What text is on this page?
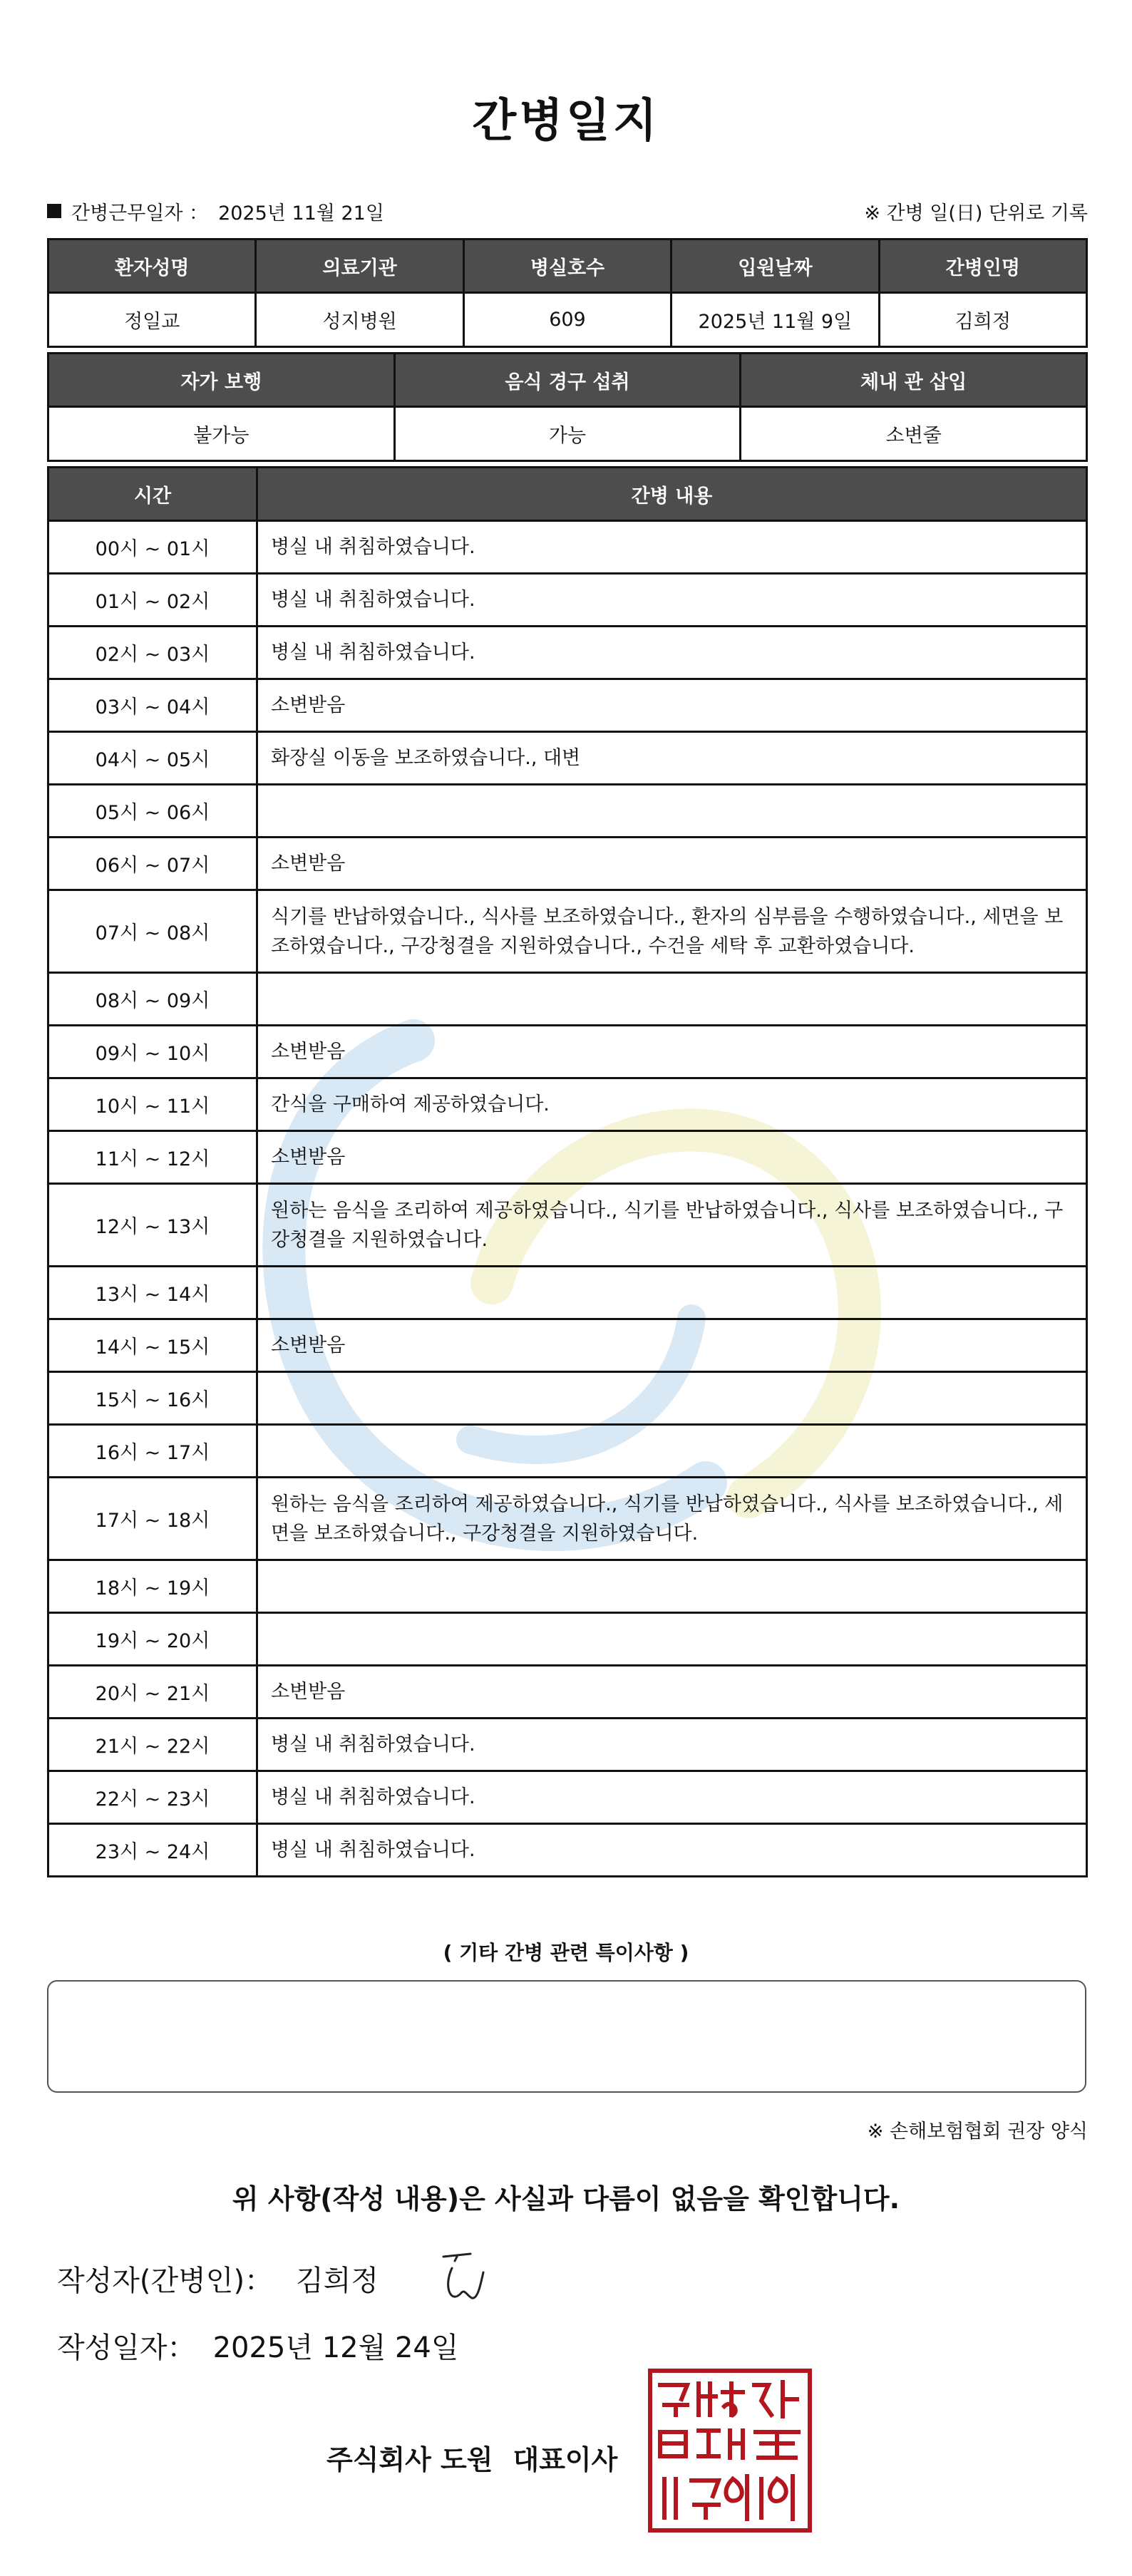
간병일지
간병근무일자 ： 2025년 11월 21일	※ 간병 일(日) 단위로 기록
환자성명	의료기관	병실호수	입원날짜	간병인명
정일교	성지병원	609	2025년 11월 9일	김희정
자가 보행	음식 경구 섭취	체내 관 삽입
불가능	가능	소변줄
시간	간병 내용
00시 ~ 01시	병실 내 취침하였습니다.
01시 ~ 02시	병실 내 취침하였습니다.
02시 ~ 03시	병실 내 취침하였습니다.
03시 ~ 04시	소변받음
04시 ~ 05시	화장실 이동을 보조하였습니다., 대변
05시 ~ 06시	
06시 ~ 07시	소변받음
07시 ~ 08시	식기를 반납하였습니다., 식사를 보조하였습니다., 환자의 심부름을 수행하였습니다., 세면을 보조하였습니다., 구강청결을 지원하였습니다., 수건을 세탁 후 교환하였습니다.
08시 ~ 09시	
09시 ~ 10시	소변받음
10시 ~ 11시	간식을 구매하여 제공하였습니다.
11시 ~ 12시	소변받음
12시 ~ 13시	원하는 음식을 조리하여 제공하였습니다., 식기를 반납하였습니다., 식사를 보조하였습니다., 구강청결을 지원하였습니다.
13시 ~ 14시	
14시 ~ 15시	소변받음
15시 ~ 16시	
16시 ~ 17시	
17시 ~ 18시	원하는 음식을 조리하여 제공하였습니다., 식기를 반납하였습니다., 식사를 보조하였습니다., 세면을 보조하였습니다., 구강청결을 지원하였습니다.
18시 ~ 19시	
19시 ~ 20시	
20시 ~ 21시	소변받음
21시 ~ 22시	병실 내 취침하였습니다.
22시 ~ 23시	병실 내 취침하였습니다.
23시 ~ 24시	병실 내 취침하였습니다.
( 기타 간병 관련 특이사항 )
※ 손해보험협회 권장 양식
위 사항(작성 내용)은 사실과 다름이 없음을 확인합니다.
작성자(간병인)： 김희정
작성일자： 2025년 12월 24일
주식회사 도원 대표이사
